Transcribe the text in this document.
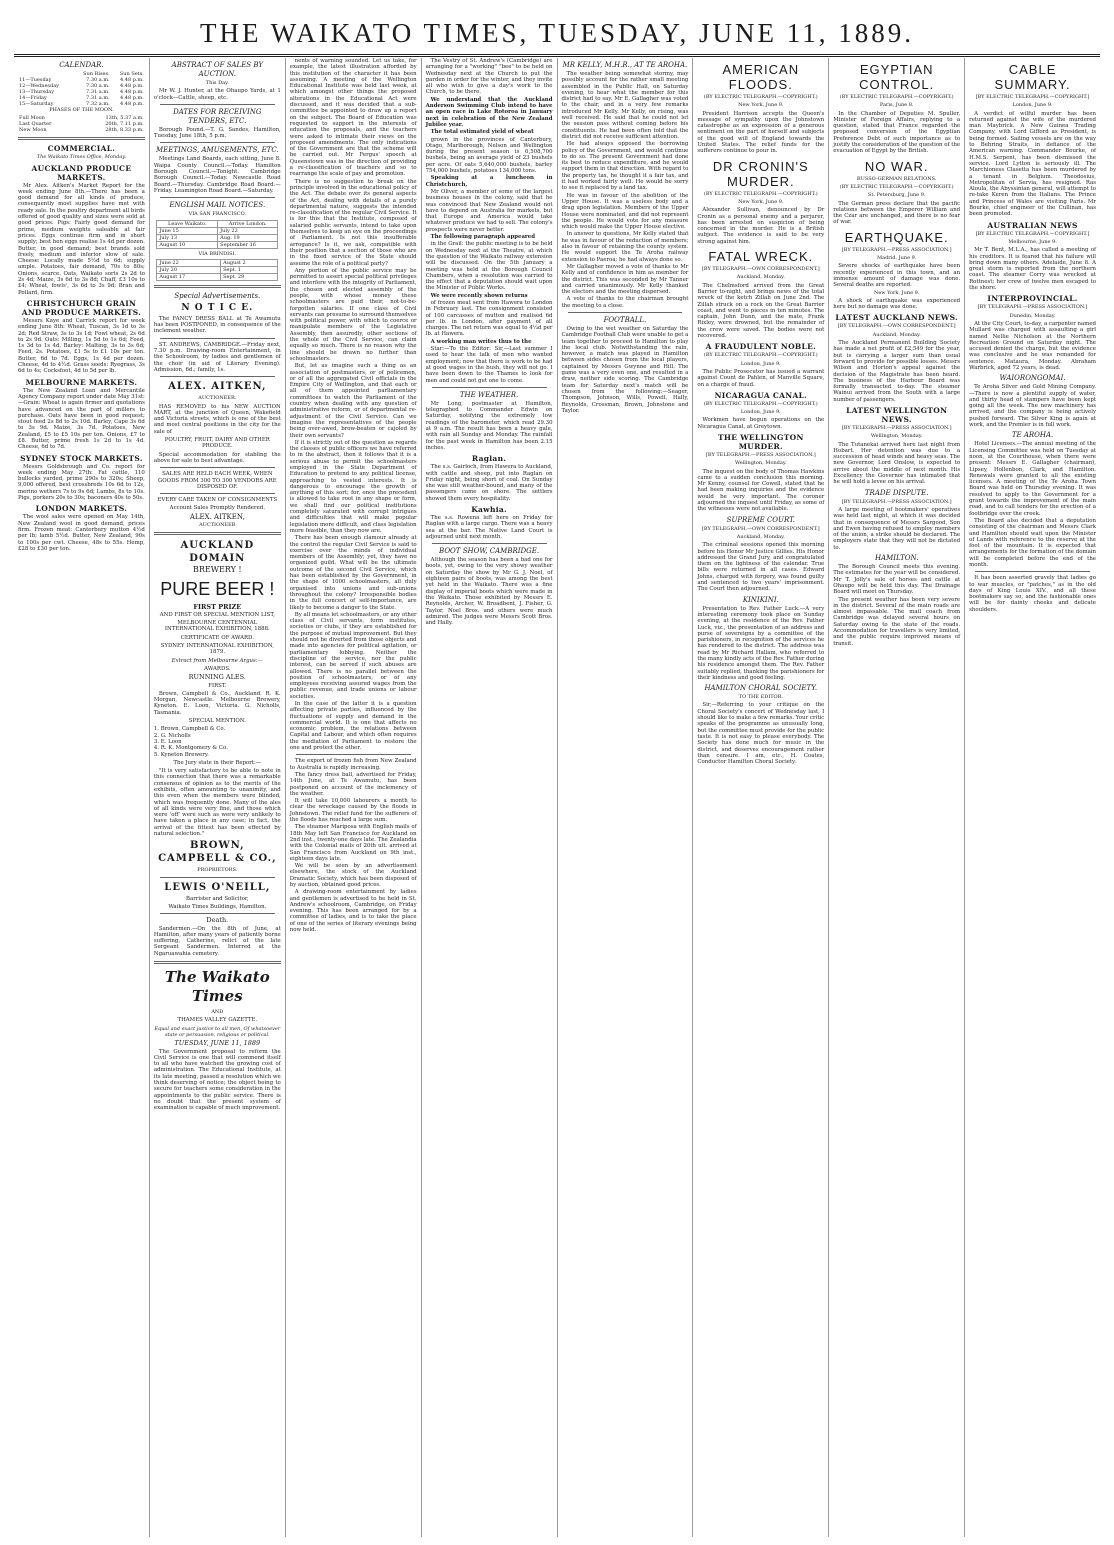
THE WAIKATO TIMES, TUESDAY, JUNE 11, 1889.
CALENDAR.
	Sun Rises.	Sun Sets.
11—Tuesday	7.30 a.m.	4.48 p.m.
12—Wednesday	7.30 a.m.	4.48 p.m.
13—Thursday	7.31 a.m.	4.48 p.m.
14—Friday	7.31 a.m.	4.48 p.m.
15—Saturday	7.32 a.m.	4.48 p.m.
PHASES OF THE MOON.
Full Moon	13th, 5.37 a.m.
Last Quarter	20th, 7.11 p.m.
New Moon	28th, 8.33 p.m.
COMMERCIAL.
The Waikato Times Office, Monday.
AUCKLAND PRODUCE MARKETS.

Mr Alex. Aitken's Market Report for the week ending June 8th.—There has been a good demand for all kinds of produce, consequently most supplies have met with ready sale. In the poultry department all birds offered of good quality and sizes were sold at good prices. Pigs: Fairly good demand for prime, medium weights saleable at fair prices. Eggs continue firm and in short supply; best hen eggs realise 1s 4d per dozen. Butter, in good demand; best brands sold freely, medium and inferior slow of sale. Cheese: Locally made 5½d to 6d; supply ample. Potatoes, fair demand, 70s to 80s; Onions, scarce. Oats, Waikato sorts 2s 2d to 2s 4d; Maize, 3s 6d to 3s 8d; Chaff, £3 10s to £4; Wheat, fowls', 3s 6d to 3s 9d; Bran and Pollard, firm.

CHRISTCHURCH GRAIN AND PRODUCE MARKETS.

Messrs Kaye and Carrick report for week ending June 8th: Wheat, Tuscan, 3s 1d to 3s 2d; Red Straw, 3s to 3s 1d; Fowl wheat, 2s 6d to 2s 9d. Oats: Milling, 1s 5d to 1s 6d; Feed, 1s 3d to 1s 4d. Barley: Malting, 3s to 3s 6d; Feed, 2s. Potatoes, £1 5s to £1 10s per ton. Butter, 6d to 7d. Eggs, 1s 4d per dozen. Cheese, 4d to 4½d. Grass seeds: Ryegrass, 3s 6d to 4s; Cocksfoot, 4d to 5d per lb.

MELBOURNE MARKETS.

The New Zealand Loan and Mercantile Agency Company report under date May 31st:—Grain: Wheat is again firmer and quotations have advanced on the part of millers to purchase. Oats have been in good request; stout feed 2s 8d to 2s 10d. Barley, Cape 3s 6d to 3s 9d. Maize, 3s 7d. Potatoes, New Zealand, £5 to £5 10s per ton. Onions, £7 to £8. Butter, prime fresh 1s 2d to 1s 4d. Cheese, 6d to 7d.

SYDNEY STOCK MARKETS.

Messrs Goldsbrough and Co. report for week ending May 27th: Fat cattle, 110 bullocks yarded, prime 290s to 320s; Sheep, 9,000 offered, best crossbreds 10s 6d to 12s, merino wethers 7s to 9s 6d; Lambs, 8s to 10s. Pigs, porkers 20s to 30s; baconers 40s to 50s.

LONDON MARKETS.

The wool sales were opened on May 14th, New Zealand wool in good demand, prices firm. Frozen meat: Canterbury mutton 4½d per lb; lamb 5½d. Butter, New Zealand, 90s to 100s per cwt. Cheese, 48s to 55s. Hemp, £28 to £30 per ton.

ABSTRACT OF SALES BY AUCTION.
This Day.

Mr W. J. Hunter, at the Ohaupo Yards, at 1 o'clock—Cattle, sheep, etc.

DATES FOR RECEIVING TENDERS, ETC.

Borough Pound.—T. G. Sandes, Hamilton, Tuesday, June 18th, 5 p.m.

MEETINGS, AMUSEMENTS, ETC.

Meetings Land Boards, each sitting, June 8. Waipa County Council.—Today. Hamilton Borough Council.—Tonight. Cambridge Borough Council.—Today. Newcastle Road Board.—Thursday. Cambridge Road Board.—Friday. Leamington Road Board.—Saturday.

ENGLISH MAIL NOTICES.
VIA SAN FRANCISCO.
Leave Waikato.	Arrive London.
June 15	July 22
July 13	Aug. 19
August 10	September 16
VIA BRINDISI.
June 22	August 2
July 20	Sept. 1
August 17	Sept. 29
Special Advertisements.
N O T I C E.

The FANCY DRESS BALL at Te Awamutu has been POSTPONED, in consequence of the inclement weather.

ST. ANDREWS, CAMBRIDGE.—Friday next, 7.30 p.m. Drawing-room Entertainment, in the Schoolroom, by ladies and gentlemen of the choir (in aid of Literary Evening). Admission, 6d.; family, 1s.

ALEX. AITKEN,
AUCTIONEER.

HAS REMOVED to his NEW AUCTION MART, at the junction of Queen, Wakefield and Victoria streets, which is one of the best and most central positions in the city for the sale of

POULTRY, FRUIT, DAIRY AND OTHER PRODUCE.

Special accommodation for stabling the above for sale to best advantage.

SALES ARE HELD EACH WEEK, WHEN GOODS FROM 300 TO 300 VENDORS ARE DISPOSED OF.
EVERY CARE TAKEN OF CONSIGNMENTS
Account Sales Promptly Rendered.
ALEX. AITKEN,
AUCTIONEER
AUCKLAND DOMAIN
BREWERY !
PURE BEER !
FIRST PRIZE
AND FIRST OR SPECIAL MENTION LIST,
MELBOURNE CENTENNIAL INTERNATIONAL EXHIBITION, 1888.
CERTIFICATE OF AWARD.
SYDNEY INTERNATIONAL EXHIBITION, 1879.
Extract from Melbourne Argus:—
AWARDS.
RUNNING ALES.
FIRST.

Brown, Campbell & Co., Auckland. R. K. Morgan, Newcastle. Melbourne Brewery, Kyneton. E. Loon, Victoria. G. Nicholls, Tasmania.

SPECIAL MENTION.
1. Brown, Campbell & Co.
2. G. Nicholls
3. E. Loon
4. R. K. Montgomery & Co.
5. Kyneton Brewery.
The Jury state in their Report:—

"It is very satisfactory to be able to note in this connection that there was a remarkable consensus of opinion as to the merits of the exhibits, often amounting to unanimity, and this even when the members were blinded, which was frequently done. Many of the ales of all kinds were very fine, and those which were 'off' were such as were very unlikely to have taken a place in any case; in fact, the arrival of the fittest has been effected by natural selection."

BROWN, CAMPBELL & CO.,
PROPRIETORS.
LEWIS O'NEILL,
Barrister and Solicitor,
Waikato Times Buildings, Hamilton.
Death.

Sandermen.—On the 8th of June, at Hamilton, after many years of patiently borne suffering, Catherine, relict of the late Sergeant Sandermen. Interred at the Ngaruawahia cemetery.

The Waikato Times
AND
THAMES VALLEY GAZETTE.
Equal and exact justice to all men, Of whatsoever state or persuasion, religious or political.
TUESDAY, JUNE 11, 1889

The Government proposal to reform the Civil Service is one that will commend itself to all who have watched the growing cost of administration. The Educational Institute, at its late meeting, passed a resolution which we think deserving of notice; the object being to secure for teachers some consideration in the appointments to the public service. There is no doubt that the present system of examination is capable of much improvement.

nents of warning sounded. Let us take, for example, the latest illustration afforded by this institution of the character it has been assuming. A meeting of the Wellington Educational Institute was held last week, at which amongst other things the proposed alterations in the Educational Act were discussed, and it was decided that a sub-committee be appointed to draw up a report on the subject. The Board of Education was requested to support in the interests of education the proposals, and the teachers were asked to intimate their views on the proposed amendments. The only indications of the Government are that the scheme will be carried out. Mr Fergus' speech at Queenstown was in the direction of providing a re-classification of teachers and so to rearrange the scale of pay and promotion.

There is no suggestion to break on the principle involved in the educational policy of the Act. The debate over its general aspects of the Act, dealing with details of a purely departmental nature, suggests the intended re-classification of the regular Civil Service. It is for this that the Institute, composed of salaried public servants, intend to take upon themselves to keep an eye on the proceedings of Parliament. Is not this insufferable arrogance? Is it, we ask, compatible with their position that a section of those who are in the fixed service of the State should assume the role of a political party?

Any portion of the public service may be permitted to assert special political privileges and interfere with the integrity of Parliament, the chosen and elected assembly of the people, with whose money these schoolmasters are paid their, not-to-be-forgotten salaries. If one class of Civil servants can presume to surround themselves with political power, with which to coerce or manipulate members of the Legislative Assembly, then assuredly, other sections of the whole of the Civil Service, can claim equally so much. There is no reason why the line should be drawn no further than schoolmasters.

But, let us imagine such a thing as an association of postmasters, or of policemen, or of all the aggregated Civil officials in the Empire City of Wellington, and that each or all of them appointed parliamentary committees to watch the Parliament of the country when dealing with any question of administrative reform, or of departmental re-adjustment of the Civil Service. Can we imagine the representatives of the people being over-awed, brow-beaten or cajoled by their own servants?

If it is strictly out of the question as regards the classes of public officers we have referred to in the abstract, then it follows that it is a serious abuse to permit the schoolmasters employed in the State Department of Education to pretend to any political license, approaching to vested interests. It is dangerous to encourage the growth of anything of this sort; for, once the precedent is allowed to take root in any shape or form, we shall find our political institutions completely saturated with corrupt intrigues and difficulties that will make popular legislation more difficult, and class legislation more feasible, than they now are.

There has been enough clamour already at the control the regular Civil Service is said to exercise over the minds of individual members of the Assembly; yet, they have no organized guild. What will be the ultimate outcome of the second Civil Service, which has been established by the Government, in the shape of 1000 schoolmasters, all duly organised into unions and sub-unions throughout the colony? Irresponsible bodies in the full concert of self-importance, are likely to become a danger to the State.

By all means let schoolmasters, or any other class of Civil servants, form institutes, societies or clubs, if they are established for the purpose of mutual improvement. But they should not be diverted from those objects and made into agencies for political agitation, or parliamentary lobbying. Neither the discipline of the service, nor the public interest, can be served if such abuses are allowed. There is no parallel between the position of schoolmasters, or of any employees receiving assured wages from the public revenue, and trade unions or labour societies.

In the case of the latter it is a question affecting private parties, influenced by the fluctuations of supply and demand in the commercial world. It is one that affects no economic problem, the relations between Capital and Labour, and which often requires the mediation of Parliament to restore the one and protect the other.

The export of frozen fish from New Zealand to Australia is rapidly increasing.

The fancy dress ball, advertised for Friday, 14th June, at Te Awamutu, has been postponed on account of the inclemency of the weather.

It will take 10,000 labourers a month to clear the wreckage caused by the floods in Johnstown. The relief fund for the sufferers of the floods has reached a large sum.

The steamer Mariposa with English mails of 18th May left San Francisco for Auckland on 2nd inst., twenty-one days late. The Zealandia with the Colonial mails of 20th ult. arrived at San Francisco from Auckland on 9th inst., eighteen days late.

We will be seen by an advertisement elsewhere, the stock of the Auckland Dramatic Society, which has been disposed of by auction, obtained good prices.

A drawing-room entertainment by ladies and gentlemen is advertised to be held in St. Andrew's schoolroom, Cambridge, on Friday evening. This has been arranged for by a committee of ladies, and is to take the place of one of the series of literary evenings being now held.

The Vestry of St. Andrew's (Cambridge) are arranging for a "working" "bee" to be held on Wednesday next at the Church to put the garden in order for the winter, and they invite all who wish to give a day's work to the Church, to be there.

We understand that the Auckland Anderson Swimming Club intend to have an open race in Lake Rotoroa in January next in celebration of the New Zealand Jubilee year.

The total estimated yield of wheat

grown in the provinces of Canterbury, Otago, Marlborough, Nelson and Wellington during the present season is 6,508,700 bushels, being an average yield of 23 bushels per acre. Of oats 5,640,000 bushels, barley 754,000 bushels, potatoes 134,000 tons.

Speaking at a luncheon in Christchurch,

Mr Oliver, a member of some of the largest business houses in the colony, said that he was convinced that New Zealand would not have to depend on Australia for markets, but that Europe and America would take whatever produce we had to sell. The colony's prospects were never better.

The following paragraph appeared

in the Grail: the public meeting is to be held on Wednesday next at the Theatre, at which the question of the Waikato railway extension will be discussed. On the 5th January a meeting was held at the Borough Council Chambers, when a resolution was carried to the effect that a deputation should wait upon the Minister of Public Works.

We were recently shown returns

of frozen meat sent from Hawera to London in February last. The consignment consisted of 100 carcasses of mutton and realised 6d per lb. in London, after payment of all charges. The net return was equal to 4¼d per lb. at Hawera.

A working man writes thus to the

Star:—To the Editor: Sir,—Last summer I used to hear the talk of men who wanted employment; now that there is work to be had at good wages in the bush, they will not go. I have been down to the Thames to look for men and could not get one to come.

THE WEATHER.

Mr Long, postmaster at Hamilton, telegraphed to Commander Edwin on Saturday, notifying the extremely low readings of the barometer, which read 29.30 at 9 a.m. The result has been a heavy gale, with rain all Sunday and Monday. The rainfall for the past week in Hamilton has been 2.15 inches.

Raglan.

The s.s. Gairloch, from Hawera to Auckland, with cattle and sheep, put into Raglan on Friday night, being short of coal. On Sunday she was still weather-bound, and many of the passengers came on shore. The settlers showed them every hospitality.

Kawhia.

The s.s. Rowena left here on Friday for Raglan with a large cargo. There was a heavy sea at the bar. The Native Land Court is adjourned until next month.

BOOT SHOW, CAMBRIDGE.

Although the season has been a bad one for boots, yet, owing to the very showy weather on Saturday the show by Mr G. J. Noel, of eighteen pairs of boots, was among the best yet held in the Waikato. There was a fine display of imperial boots which were made in the Waikato. Those exhibited by Messrs E. Reynolds, Archer, W. Broadbent, J. Fisher, G. Taylor, Noel Bros. and others were much admired. The judges were Messrs Scott Bros. and Hally.

MR KELLY, M.H.R., AT TE AROHA.

The weather being somewhat stormy, may possibly account for the rather small meeting assembled in the Public Hall, on Saturday evening, to hear what the member for this district had to say. Mr E. Gallagher was voted to the chair, and in a very few remarks introduced Mr Kelly. Mr Kelly, on rising, was well received. He said that he could not let the session pass without coming before his constituents. He had been often told that the district did not receive sufficient attention.

He had always opposed the borrowing policy of the Government, and would continue to do so. The present Government had done its best to reduce expenditure, and he would support them in that direction. With regard to the property tax, he thought it a fair tax, and it had worked fairly well. He would be sorry to see it replaced by a land tax.

He was in favour of the abolition of the Upper House. It was a useless body and a drag upon legislation. Members of the Upper House were nominated, and did not represent the people. He would vote for any measure which would make the Upper House elective.

In answer to questions, Mr Kelly stated that he was in favour of the reduction of members; also in favour of retaining the county system. He would support the Te Aroha railway extension to Paeroa; he had always done so.

Mr Gallagher moved a vote of thanks to Mr Kelly and of confidence in him as member for the district. This was seconded by Mr Tanner and carried unanimously. Mr Kelly thanked the electors and the meeting dispersed.

A vote of thanks to the chairman brought the meeting to a close.

FOOTBALL.

Owing to the wet weather on Saturday the Cambridge Football Club were unable to get a team together to proceed to Hamilton to play the local club. Notwithstanding the rain, however, a match was played in Hamilton between sides chosen from the local players, captained by Messrs Gwynne and Hill. The game was a very even one, and resulted in a draw, neither side scoring. The Cambridge team for Saturday next's match will be chosen from the following:—Seager, Thompson, Johnson, Wills, Powell, Hally, Reynolds, Crossman, Brown, Johnstone and Taylor.

AMERICAN FLOODS.
(BY ELECTRIC TELEGRAPH.—COPYRIGHT.)
New York, June 9.

President Harrison accepts the Queen's message of sympathy upon the Johnstown catastrophe as an expression of a generous sentiment on the part of herself and subjects of the good will of England towards the United States. The relief funds for the sufferers continue to pour in.

DR CRONIN'S MURDER.
(BY ELECTRIC TELEGRAPH.—COPYRIGHT.)
New York, June 9.

Alexander Sullivan, denounced by Dr Cronin as a personal enemy and a perjurer, has been arrested on suspicion of being concerned in the murder. He is a British subject. The evidence is said to be very strong against him.

FATAL WRECK.
[BY TELEGRAPH.—OWN CORRESPONDENT.]
Auckland, Monday.

The Chelmsford arrived from the Great Barrier to-night, and brings news of the total wreck of the ketch Zillah on June 2nd. The Zillah struck on a rock on the Great Barrier coast, and went to pieces in ten minutes. The captain, John Dunn, and the mate, Frank Rixley, were drowned, but the remainder of the crew were saved. The bodies were not recovered.

A FRAUDULENT NOBLE.
(BY ELECTRIC TELEGRAPH.—COPYRIGHT.)
London, June 9.

The Public Prosecutor has issued a warrant against Count de Pahlen, of Manville Square, on a charge of fraud.

NICARAGUA CANAL.
(BY ELECTRIC TELEGRAPH.—COPYRIGHT.)
London, June 9.

Workmen have begun operations on the Nicaragua Canal, at Greytown.

THE WELLINGTON MURDER.
[BY TELEGRAPH.—PRESS ASSOCIATION.]
Wellington, Monday.

The inquest on the body of Thomas Hawkins came to a sudden conclusion this morning. Mr Kenny, counsel for Cowell, stated that he had been making inquiries and the evidence would be very important. The coroner adjourned the inquest until Friday, as some of the witnesses were not available.

SUPREME COURT.
[BY TELEGRAPH.—OWN CORRESPONDENT.]
Auckland, Monday.

The criminal sessions opened this morning before his Honor Mr Justice Gillies. His Honor addressed the Grand Jury, and congratulated them on the lightness of the calendar. True bills were returned in all cases. Edward Johns, charged with forgery, was found guilty and sentenced to two years' imprisonment. The Court then adjourned.

KINIKINI.

Presentation to Rev. Father Luck.—A very interesting ceremony took place on Sunday evening, at the residence of the Rev. Father Luck, viz., the presentation of an address and purse of sovereigns by a committee of the parishioners, in recognition of the services he has rendered to the district. The address was read by Mr Richard Hallam, who referred to the many kindly acts of the Rev. Father during his residence amongst them. The Rev. Father suitably replied, thanking the parishioners for their kindness and good feeling.

HAMILTON CHORAL SOCIETY.
TO THE EDITOR.

Sir,—Referring to your critique on the Choral Society's concert of Wednesday last, I should like to make a few remarks. Your critic speaks of the programme as unusually long, but the committee must provide for the public taste. It is not easy to please everybody. The Society has done much for music in the district, and deserves encouragement rather than censure. I am, etc., H. Coates, Conductor Hamilton Choral Society.

EGYPTIAN CONTROL.
(BY ELECTRIC TELEGRAPH.—COPYRIGHT.)
Paris, June 8.

In the Chamber of Deputies M. Spuller, Minister of Foreign Affairs, replying to a question, stated that France regarded the proposed conversion of the Egyptian Preference Debt of such importance as to justify the consideration of the question of the evacuation of Egypt by the British.

NO WAR.
RUSSO-GERMAN RELATIONS.
(BY ELECTRIC TELEGRAPH.—COPYRIGHT.)
St. Petersburg, June 9.

The German press declare that the pacific relations between the Emperor William and the Czar are unchanged, and there is no fear of war.

EARTHQUAKE.
[BY TELEGRAPH.—PRESS ASSOCIATION.]
Madrid, June 9.

Severe shocks of earthquake have been recently experienced in this town, and an immense amount of damage was done. Several deaths are reported.

New York, June 9.

A shock of earthquake was experienced here but no damage was done.

LATEST AUCKLAND NEWS.
[BY TELEGRAPH.—OWN CORRESPONDENT.]
Auckland, Monday.

The Auckland Permanent Building Society has made a net profit of £2,549 for the year, but is carrying a larger sum than usual forward to provide for possible losses. Messrs Wilson and Horton's appeal against the decision of the Magistrate has been heard. The business of the Harbour Board was formally transacted to-day. The steamer Wainui arrived from the South with a large number of passengers.

LATEST WELLINGTON NEWS.
[BY TELEGRAPH.—PRESS ASSOCIATION.]
Wellington, Monday.

The Tutanekai arrived here last night from Hobart. Her detention was due to a succession of head winds and heavy seas. The new Governor, Lord Onslow, is expected to arrive about the middle of next month. His Excellency the Governor has intimated that he will hold a levee on his arrival.

TRADE DISPUTE.
[BY TELEGRAPH.—PRESS ASSOCIATION.]

A large meeting of bootmakers' operatives was held last night, at which it was decided that in consequence of Messrs Sargood, Son and Ewen having refused to employ members of the union, a strike should be declared. The employers state that they will not be dictated to.

HAMILTON.

The Borough Council meets this evening. The estimates for the year will be considered. Mr T. Jolly's sale of horses and cattle at Ohaupo will be held this day. The Drainage Board will meet on Thursday.

The present weather has been very severe in the district. Several of the main roads are almost impassable. The mail coach from Cambridge was delayed several hours on Saturday owing to the state of the roads. Accommodation for travellers is very limited, and the public require improved means of transit.

CABLE SUMMARY.
[BY ELECTRIC TELEGRAPH.—COPYRIGHT.]
London, June 9.

A verdict of wilful murder has been returned against the wife of the murdered man Maybrick. A New Guinea Trading Company, with Lord Gifford as President, is being formed. Sailing vessels are on the way to Behring Straits, in defiance of the American warning. Commander Bourke, of H.M.S. Serpent, has been dismissed the service. Lord Lytton is seriously ill. The Marchioness Clasetta has been murdered by a tenant in Belgium. Theodosius, Metropolitan of Servia, has resigned. Ras Aloula, the Abyssinian general, will attempt to re-take Keren from the Italians. The Prince and Princess of Wales are visiting Paris. Mr Bourke, chief engineer of the Cullinan, has been promoted.

AUSTRALIAN NEWS
[BY ELECTRIC TELEGRAPH.—COPYRIGHT.]
Melbourne, June 9.

Mr T. Bent, M.L.A., has called a meeting of his creditors. It is feared that his failure will bring down many others. Adelaide, June 8. A great storm is reported from the northern coast. The steamer Corry was wrecked at Rottnest; her crew of twelve men escaped to the shore.

INTERPROVINCIAL.
[BY TELEGRAPH.—PRESS ASSOCIATION.]
Dunedin, Monday.

At the City Court, to-day, a carpenter named Mullard was charged with assaulting a girl named Nellie Nicholson at the Northern Recreation Ground on Saturday night. The accused denied the charge, but the evidence was conclusive and he was remanded for sentence. Mataura, Monday. Abraham Warbrick, aged 72 years, is dead.

WAIORONGOMAI.

Te Aroha Silver and Gold Mining Company.—There is now a plentiful supply of water, and thirty head of stampers have been kept going all the week. The new machinery has arrived, and the company is being actively pushed forward. The Silver King is again at work, and the Premier is in full work.

TE AROHA.

Hotel Licenses.—The annual meeting of the Licensing Committee was held on Tuesday at noon, at the Courthouse, when there were present: Messrs E. Gallagher (chairman), Lipsey, Hollenbon, Clark, and Hamilton. Renewals were granted to all the existing licenses. A meeting of the Te Aroha Town Board was held on Thursday evening. It was resolved to apply to the Government for a grant towards the improvement of the main road, and to call tenders for the erection of a footbridge over the creek.

The Board also decided that a deputation consisting of the chairman and Messrs Clark and Hamilton should wait upon the Minister of Lands with reference to the reserve at the foot of the mountain. It is expected that arrangements for the formation of the domain will be completed before the end of the month.

It has been asserted gravely that ladies go to war muscles, or "patches," as in the old days of King Louis XIV., and all these bootmakers say so, and the fashionable ones will be for dainty cheeks and delicate shoulders.
